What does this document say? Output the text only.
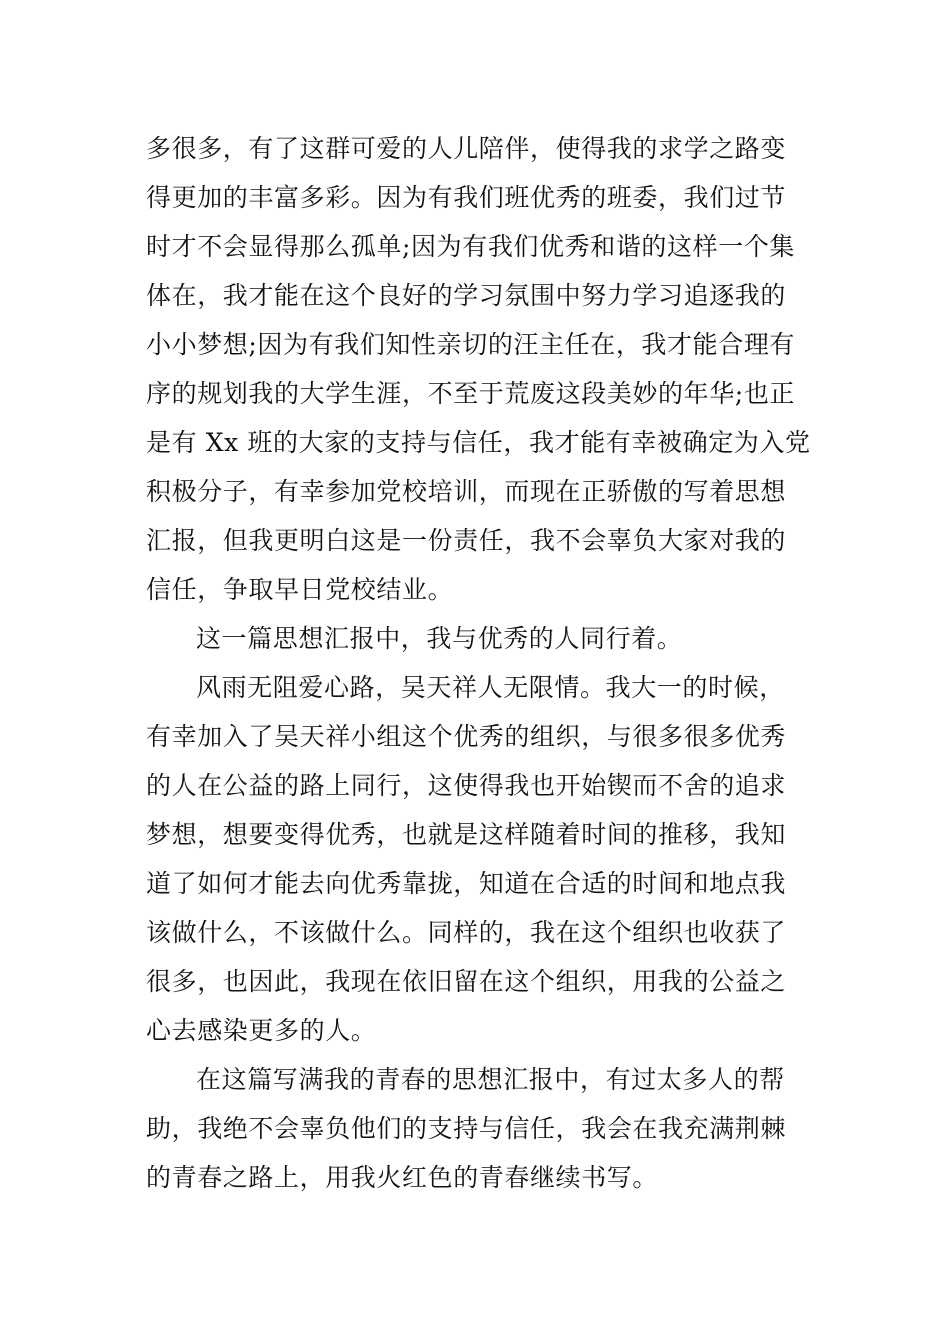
多很多，有了这群可爱的人儿陪伴，使得我的求学之路变
得更加的丰富多彩。因为有我们班优秀的班委，我们过节
时才不会显得那么孤单;因为有我们优秀和谐的这样一个集
体在，我才能在这个良好的学习氛围中努力学习追逐我的
小小梦想;因为有我们知性亲切的汪主任在，我才能合理有
序的规划我的大学生涯，不至于荒废这段美妙的年华;也正
是有 Xx 班的大家的支持与信任，我才能有幸被确定为入党
积极分子，有幸参加党校培训，而现在正骄傲的写着思想
汇报，但我更明白这是一份责任，我不会辜负大家对我的
信任，争取早日党校结业。
这一篇思想汇报中，我与优秀的人同行着。
风雨无阻爱心路，吴天祥人无限情。我大一的时候，
有幸加入了吴天祥小组这个优秀的组织，与很多很多优秀
的人在公益的路上同行，这使得我也开始锲而不舍的追求
梦想，想要变得优秀，也就是这样随着时间的推移，我知
道了如何才能去向优秀靠拢，知道在合适的时间和地点我
该做什么，不该做什么。同样的，我在这个组织也收获了
很多，也因此，我现在依旧留在这个组织，用我的公益之
心去感染更多的人。
在这篇写满我的青春的思想汇报中，有过太多人的帮
助，我绝不会辜负他们的支持与信任，我会在我充满荆棘
的青春之路上，用我火红色的青春继续书写。
